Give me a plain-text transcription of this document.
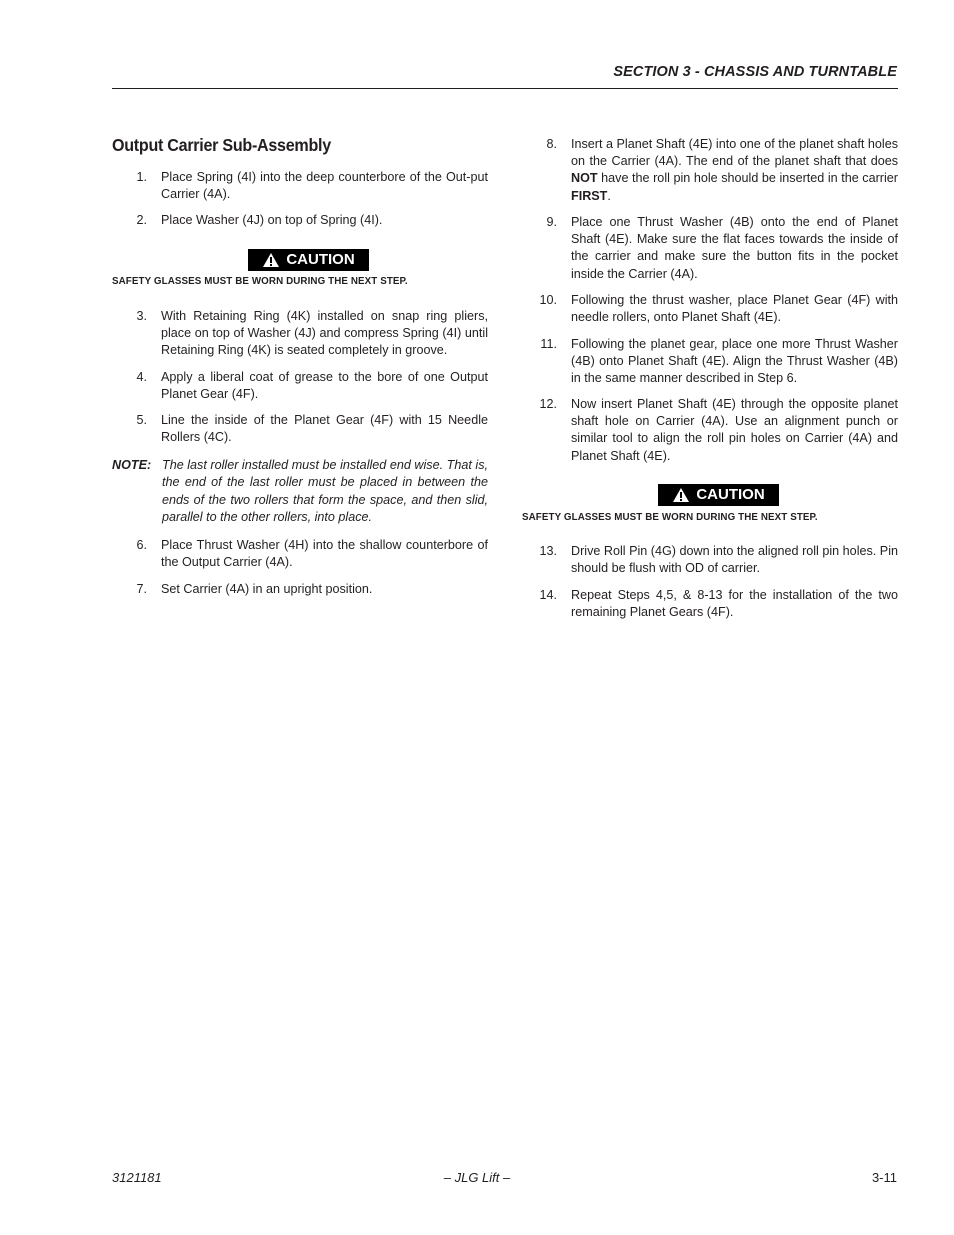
SECTION 3 - CHASSIS AND TURNTABLE
Output Carrier Sub-Assembly
1. Place Spring (4I) into the deep counterbore of the Out-put Carrier (4A).
2. Place Washer (4J) on top of Spring (4I).
CAUTION
SAFETY GLASSES MUST BE WORN DURING THE NEXT STEP.
3. With Retaining Ring (4K) installed on snap ring pliers, place on top of Washer (4J) and compress Spring (4I) until Retaining Ring (4K) is seated completely in groove.
4. Apply a liberal coat of grease to the bore of one Output Planet Gear (4F).
5. Line the inside of the Planet Gear (4F) with 15 Needle Rollers (4C).
NOTE: The last roller installed must be installed end wise. That is, the end of the last roller must be placed in between the ends of the two rollers that form the space, and then slid, parallel to the other rollers, into place.
6. Place Thrust Washer (4H) into the shallow counterbore of the Output Carrier (4A).
7. Set Carrier (4A) in an upright position.
8. Insert a Planet Shaft (4E) into one of the planet shaft holes on the Carrier (4A). The end of the planet shaft that does NOT have the roll pin hole should be inserted in the carrier FIRST.
9. Place one Thrust Washer (4B) onto the end of Planet Shaft (4E). Make sure the flat faces towards the inside of the carrier and make sure the button fits in the pocket inside the Carrier (4A).
10. Following the thrust washer, place Planet Gear (4F) with needle rollers, onto Planet Shaft (4E).
11. Following the planet gear, place one more Thrust Washer (4B) onto Planet Shaft (4E). Align the Thrust Washer (4B) in the same manner described in Step 6.
12. Now insert Planet Shaft (4E) through the opposite planet shaft hole on Carrier (4A). Use an alignment punch or similar tool to align the roll pin holes on Carrier (4A) and Planet Shaft (4E).
CAUTION
SAFETY GLASSES MUST BE WORN DURING THE NEXT STEP.
13. Drive Roll Pin (4G) down into the aligned roll pin holes. Pin should be flush with OD of carrier.
14. Repeat Steps 4,5, & 8-13 for the installation of the two remaining Planet Gears (4F).
3121181	– JLG Lift –	3-11
